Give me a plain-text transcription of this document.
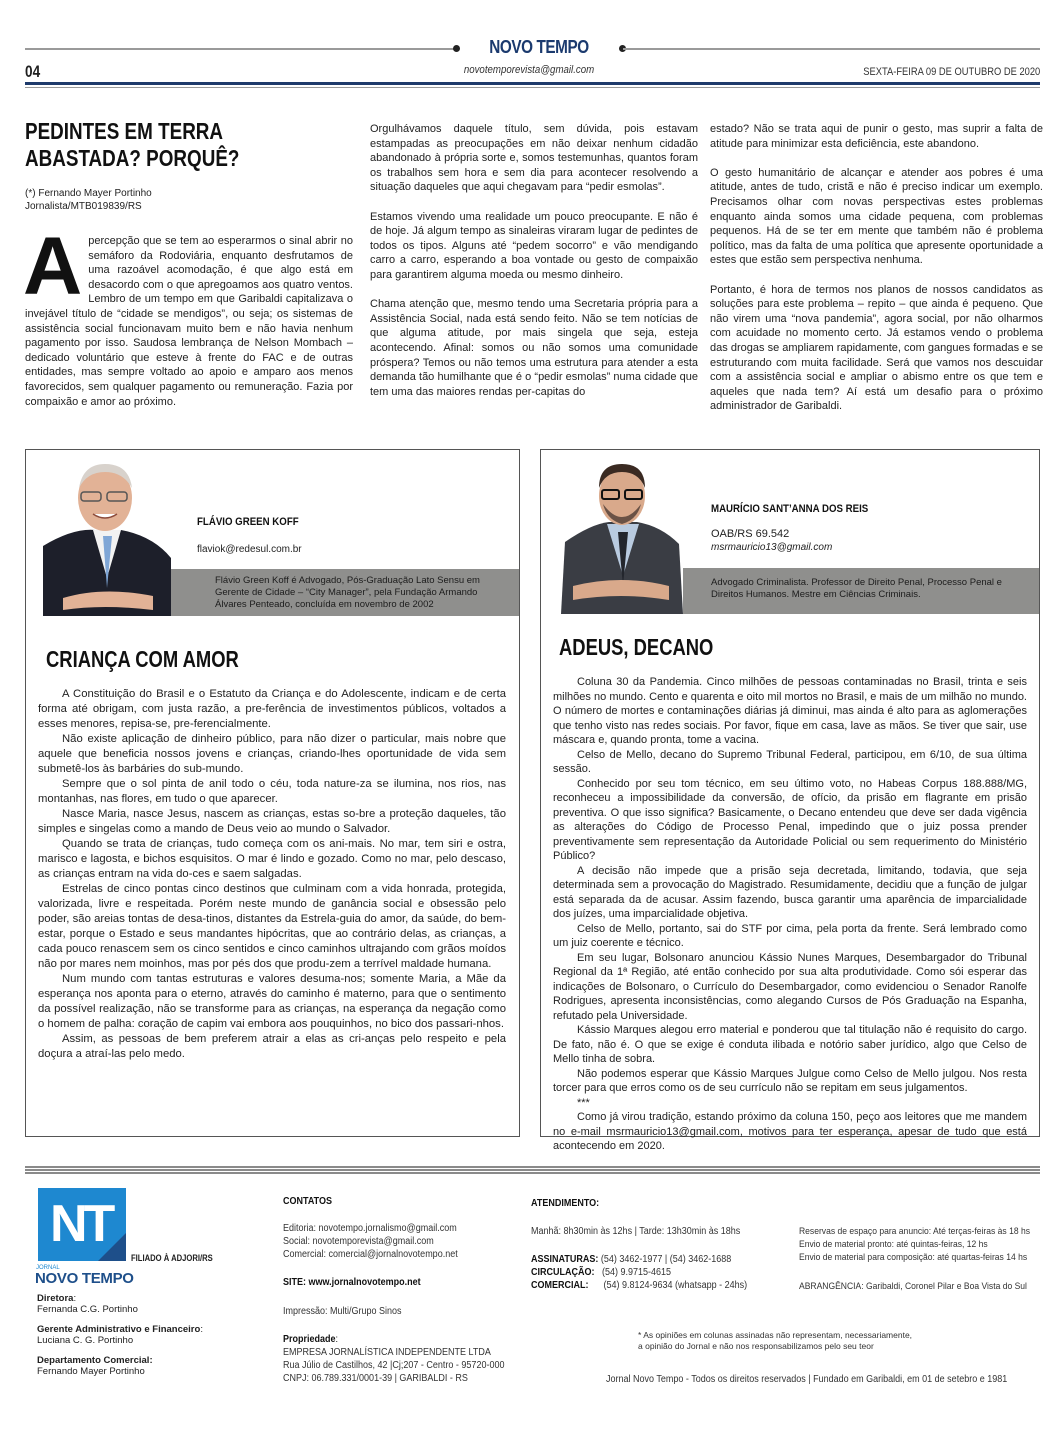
NOVO TEMPO
04	novotemporevista@gmail.com	SEXTA-FEIRA 09 DE OUTUBRO DE 2020
PEDINTES EM TERRA
ABASTADA? PORQUÊ?
(*) Fernando Mayer Portinho
Jornalista/MTB019839/RS
A percepção que se tem ao esperarmos o sinal abrir no semáforo da Rodoviária, enquanto desfrutamos de uma razoável acomodação, é que algo está em desacordo com o que apregoamos aos quatro ventos. Lembro de um tempo em que Garibaldi capitalizava o invejável título de “cidade se mendigos”, ou seja; os sistemas de assistência social funcionavam muito bem e não havia nenhum pagamento por isso. Saudosa lembrança de Nelson Mombach – dedicado voluntário que esteve à frente do FAC e de outras entidades, mas sempre voltado ao apoio e amparo aos menos favorecidos, sem qualquer pagamento ou remuneração. Fazia por compaixão e amor ao próximo.

Orgulhávamos daquele título, sem dúvida, pois estavam estampadas as preocupações em não deixar nenhum cidadão abandonado à própria sorte e, somos testemunhas, quantos foram os trabalhos sem hora e sem dia para acontecer resolvendo a situação daqueles que aqui chegavam para “pedir esmolas”.

Estamos vivendo uma realidade um pouco preocupante. E não é de hoje. Já algum tempo as sinaleiras viraram lugar de pedintes de todos os tipos. Alguns até “pedem socorro” e vão mendigando carro a carro, esperando a boa vontade ou gesto de compaixão para garantirem alguma moeda ou mesmo dinheiro.

Chama atenção que, mesmo tendo uma Secretaria própria para a Assistência Social, nada está sendo feito. Não se tem notícias de que alguma atitude, por mais singela que seja, esteja acontecendo. Afinal: somos ou não somos uma comunidade próspera? Temos ou não temos uma estrutura para atender a esta demanda tão humilhante que é o “pedir esmolas” numa cidade que tem uma das maiores rendas per-capitas do

estado? Não se trata aqui de punir o gesto, mas suprir a falta de atitude para minimizar esta deficiência, este abandono.

O gesto humanitário de alcançar e atender aos pobres é uma atitude, antes de tudo, cristã e não é preciso indicar um exemplo. Precisamos olhar com novas perspectivas estes problemas enquanto ainda somos uma cidade pequena, com problemas pequenos. Há de se ter em mente que também não é problema político, mas da falta de uma política que apresente oportunidade a estes que estão sem perspectiva nenhuma.

Portanto, é hora de termos nos planos de nossos candidatos as soluções para este problema – repito – que ainda é pequeno. Que não virem uma “nova pandemia”, agora social, por não olharmos com acuidade no momento certo. Já estamos vendo o problema das drogas se ampliarem rapidamente, com gangues formadas e se estruturando com muita facilidade. Será que vamos nos descuidar com a assistência social e ampliar o abismo entre os que tem e aqueles que nada tem? Aí está um desafio para o próximo administrador de Garibaldi.

Flávio Green Koff é Advogado, Pós-Graduação Lato Sensu em Gerente de Cidade – “City Manager”, pela Fundação Armando Álvares Penteado, concluída em novembro de 2002
FLÁVIO GREEN KOFF
flaviok@redesul.com.br
CRIANÇA COM AMOR

A Constituição do Brasil e o Estatuto da Criança e do Adolescente, indicam e de certa forma até obrigam, com justa razão, a pre-ferência de investimentos públicos, voltados a esses menores, repisa-se, pre-ferencialmente.

Não existe aplicação de dinheiro público, para não dizer o particular, mais nobre que aquele que beneficia nossos jovens e crianças, criando-lhes oportunidade de vida sem submetê-los às barbáries do sub-mundo.

Sempre que o sol pinta de anil todo o céu, toda nature-za se ilumina, nos rios, nas montanhas, nas flores, em tudo o que aparecer.

Nasce Maria, nasce Jesus, nascem as crianças, estas so-bre a proteção daqueles, tão simples e singelas como a mando de Deus veio ao mundo o Salvador.

Quando se trata de crianças, tudo começa com os ani-mais. No mar, tem siri e ostra, marisco e lagosta, e bichos esquisitos. O mar é lindo e gozado. Como no mar, pelo descaso, as crianças entram na vida do-ces e saem salgadas.

Estrelas de cinco pontas cinco destinos que culminam com a vida honrada, protegida, valorizada, livre e respeitada. Porém neste mundo de ganância social e obsessão pelo poder, são areias tontas de desa-tinos, distantes da Estrela-guia do amor, da saúde, do bem-estar, porque o Estado e seus mandantes hipócritas, que ao contrário delas, as crianças, a cada pouco renascem sem os cinco sentidos e cinco caminhos ultrajando com grãos moídos não por mares nem moinhos, mas por pés dos que produ-zem a terrível maldade humana.

Num mundo com tantas estruturas e valores desuma-nos; somente Maria, a Mãe da esperança nos aponta para o eterno, através do caminho é materno, para que o sentimento da possível realização, não se transforme para as crianças, na esperança da negação como o homem de palha: coração de capim vai embora aos pouquinhos, no bico dos passari-nhos.

Assim, as pessoas de bem preferem atrair a elas as cri-anças pelo respeito e pela doçura a atraí-las pelo medo.

Advogado Criminalista. Professor de Direito Penal, Processo Penal e Direitos Humanos. Mestre em Ciências Criminais.
MAURÍCIO SANT’ANNA DOS REIS
OAB/RS 69.542
msrmauricio13@gmail.com
ADEUS, DECANO

Coluna 30 da Pandemia. Cinco milhões de pessoas contaminadas no Brasil, trinta e seis milhões no mundo. Cento e quarenta e oito mil mortos no Brasil, e mais de um milhão no mundo. O número de mortes e contaminações diárias já diminui, mas ainda é alto para as aglomerações que tenho visto nas redes sociais. Por favor, fique em casa, lave as mãos. Se tiver que sair, use máscara e, quando pronta, tome a vacina.

Celso de Mello, decano do Supremo Tribunal Federal, participou, em 6/10, de sua última sessão.

Conhecido por seu tom técnico, em seu último voto, no Habeas Corpus 188.888/MG, reconheceu a impossibilidade da conversão, de ofício, da prisão em flagrante em prisão preventiva. O que isso significa? Basicamente, o Decano entendeu que deve ser dada vigência as alterações do Código de Processo Penal, impedindo que o juiz possa prender preventivamente sem representação da Autoridade Policial ou sem requerimento do Ministério Público?

A decisão não impede que a prisão seja decretada, limitando, todavia, que seja determinada sem a provocação do Magistrado. Resumidamente, decidiu que a função de julgar está separada da de acusar. Assim fazendo, busca garantir uma aparência de imparcialidade dos juízes, uma imparcialidade objetiva.

Celso de Mello, portanto, sai do STF por cima, pela porta da frente. Será lembrado como um juiz coerente e técnico.

Em seu lugar, Bolsonaro anunciou Kássio Nunes Marques, Desembargador do Tribunal Regional da 1ª Região, até então conhecido por sua alta produtividade. Como sói esperar das indicações de Bolsonaro, o Currículo do Desembargador, como evidenciou o Senador Ranolfe Rodrigues, apresenta inconsistências, como alegando Cursos de Pós Graduação na Espanha, refutado pela Universidade.

Kássio Marques alegou erro material e ponderou que tal titulação não é requisito do cargo. De fato, não é. O que se exige é conduta ilibada e notório saber jurídico, algo que Celso de Mello tinha de sobra.

Não podemos esperar que Kássio Marques Julgue como Celso de Mello julgou. Nos resta torcer para que erros como os de seu currículo não se repitam em seus julgamentos.

***

Como já virou tradição, estando próximo da coluna 150, peço aos leitores que me mandem no e-mail msrmauricio13@gmail.com, motivos para ter esperança, apesar de tudo que está acontecendo em 2020.

NT
JORNAL
NOVO TEMPO
FILIADO À ADJORI/RS
Diretora:
Fernanda C.G. Portinho
Gerente Administrativo e Financeiro:
Luciana C. G. Portinho
Departamento Comercial:
Fernando Mayer Portinho
CONTATOS
Editoria: novotempo.jornalismo@gmail.com
Social: novotemporevista@gmail.com
Comercial: comercial@jornalnovotempo.net
SITE: www.jornalnovotempo.net
Impressão: Multi/Grupo Sinos
Propriedade:
EMPRESA JORNALÍSTICA INDEPENDENTE LTDA
Rua Júlio de Castilhos, 42 |Cj;207 - Centro - 95720-000
CNPJ: 06.789.331/0001-39 | GARIBALDI - RS
ATENDIMENTO:
Manhã: 8h30min às 12hs | Tarde: 13h30min às 18hs
ASSINATURAS: (54) 3462-1977 | (54) 3462-1688
CIRCULAÇÃO: (54) 9.9715-4615
COMERCIAL: (54) 9.8124-9634 (whatsapp - 24hs)
Reservas de espaço para anuncio: Até terças-feiras às 18 hs
Envio de material pronto: até quintas-feiras, 12 hs
Envio de material para composição: até quartas-feiras 14 hs
ABRANGÊNCIA: Garibaldi, Coronel Pilar e Boa Vista do Sul
* As opiniões em colunas assinadas não representam, necessariamente,
a opinião do Jornal e não nos responsabilizamos pelo seu teor
Jornal Novo Tempo - Todos os direitos reservados | Fundado em Garibaldi, em 01 de setebro e 1981
